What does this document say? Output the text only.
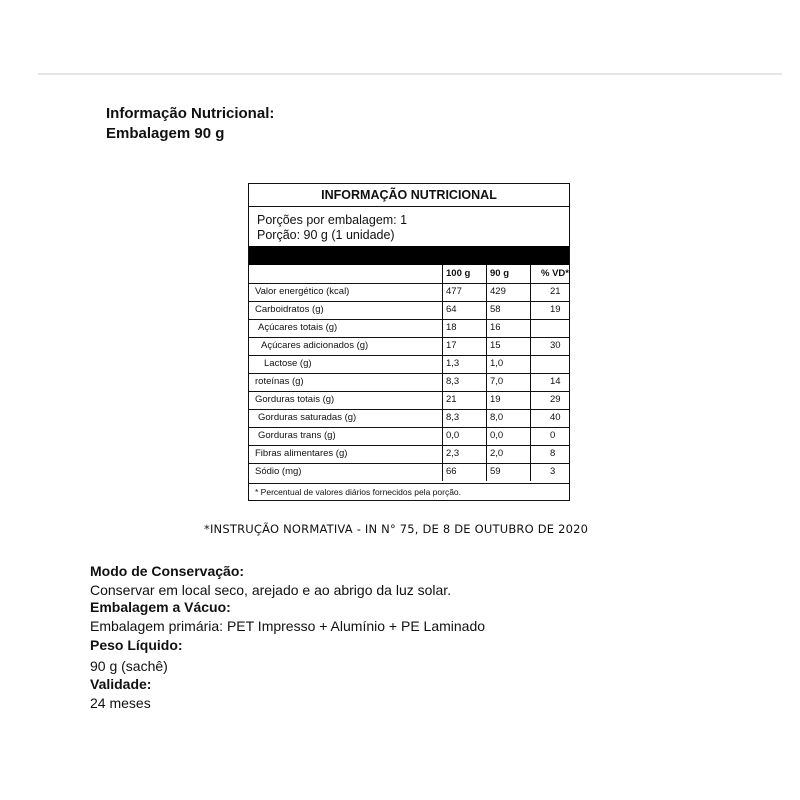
Informação Nutricional:
Embalagem 90 g
INFORMAÇÃO NUTRICIONAL
Porções por embalagem: 1
Porção: 90 g (1 unidade)
100 g	90 g	% VD*
Valor energético (kcal)	477	429	21
Carboidratos (g)	64	58	19
Açúcares totais (g)	18	16
Açúcares adicionados (g)	17	15	30
Lactose (g)	1,3	1,0
roteínas (g)	8,3	7,0	14
Gorduras totais (g)	21	19	29
Gorduras saturadas (g)	8,3	8,0	40
Gorduras trans (g)	0,0	0,0	0
Fibras alimentares (g)	2,3	2,0	8
Sódio (mg)	66	59	3
* Percentual de valores diários fornecidos pela porção.
*INSTRUÇÃO NORMATIVA - IN N° 75, DE 8 DE OUTUBRO DE 2020
Modo de Conservação:
Conservar em local seco, arejado e ao abrigo da luz solar.
Embalagem a Vácuo:
Embalagem primária: PET Impresso + Alumínio + PE Laminado
Peso Líquido:
90 g (sachê)
Validade:
24 meses
